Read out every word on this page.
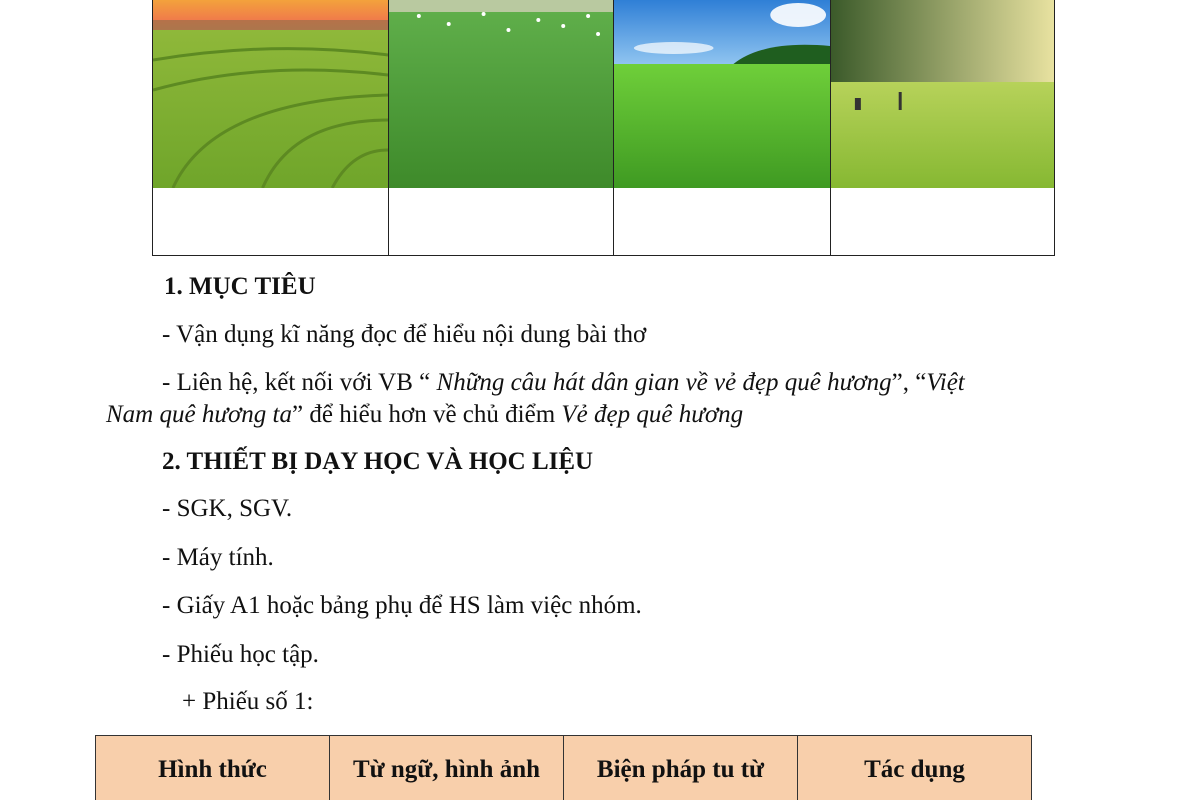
1. MỤC TIÊU
- Vận dụng kĩ năng đọc để hiểu nội dung bài thơ
- Liên hệ, kết nối với VB “ Những câu hát dân gian về vẻ đẹp quê hương”, “Việt
Nam quê hương ta” để hiểu hơn về chủ điểm Vẻ đẹp quê hương
2. THIẾT BỊ DẠY HỌC VÀ HỌC LIỆU
- SGK, SGV.
- Máy tính.
- Giấy A1 hoặc bảng phụ để HS làm việc nhóm.
- Phiếu học tập.
+ Phiếu số 1:
Hình thức	Từ ngữ, hình ảnh	Biện pháp tu từ	Tác dụng
